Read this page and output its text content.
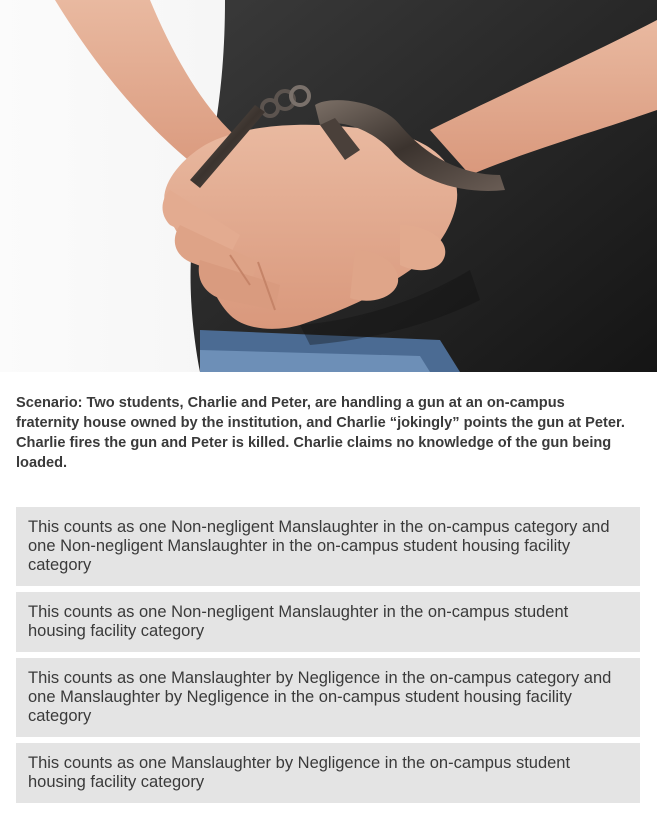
Scenario: Two students, Charlie and Peter, are handling a gun at an on-campus fraternity house owned by the institution, and Charlie “jokingly” points the gun at Peter. Charlie fires the gun and Peter is killed. Charlie claims no knowledge of the gun being loaded.

This counts as one Non-negligent Manslaughter in the on-campus category and one Non-negligent Manslaughter in the on-campus student housing facility category
This counts as one Non-negligent Manslaughter in the on-campus student housing facility category
This counts as one Manslaughter by Negligence in the on-campus category and one Manslaughter by Negligence in the on-campus student housing facility category
This counts as one Manslaughter by Negligence in the on-campus student housing facility category
